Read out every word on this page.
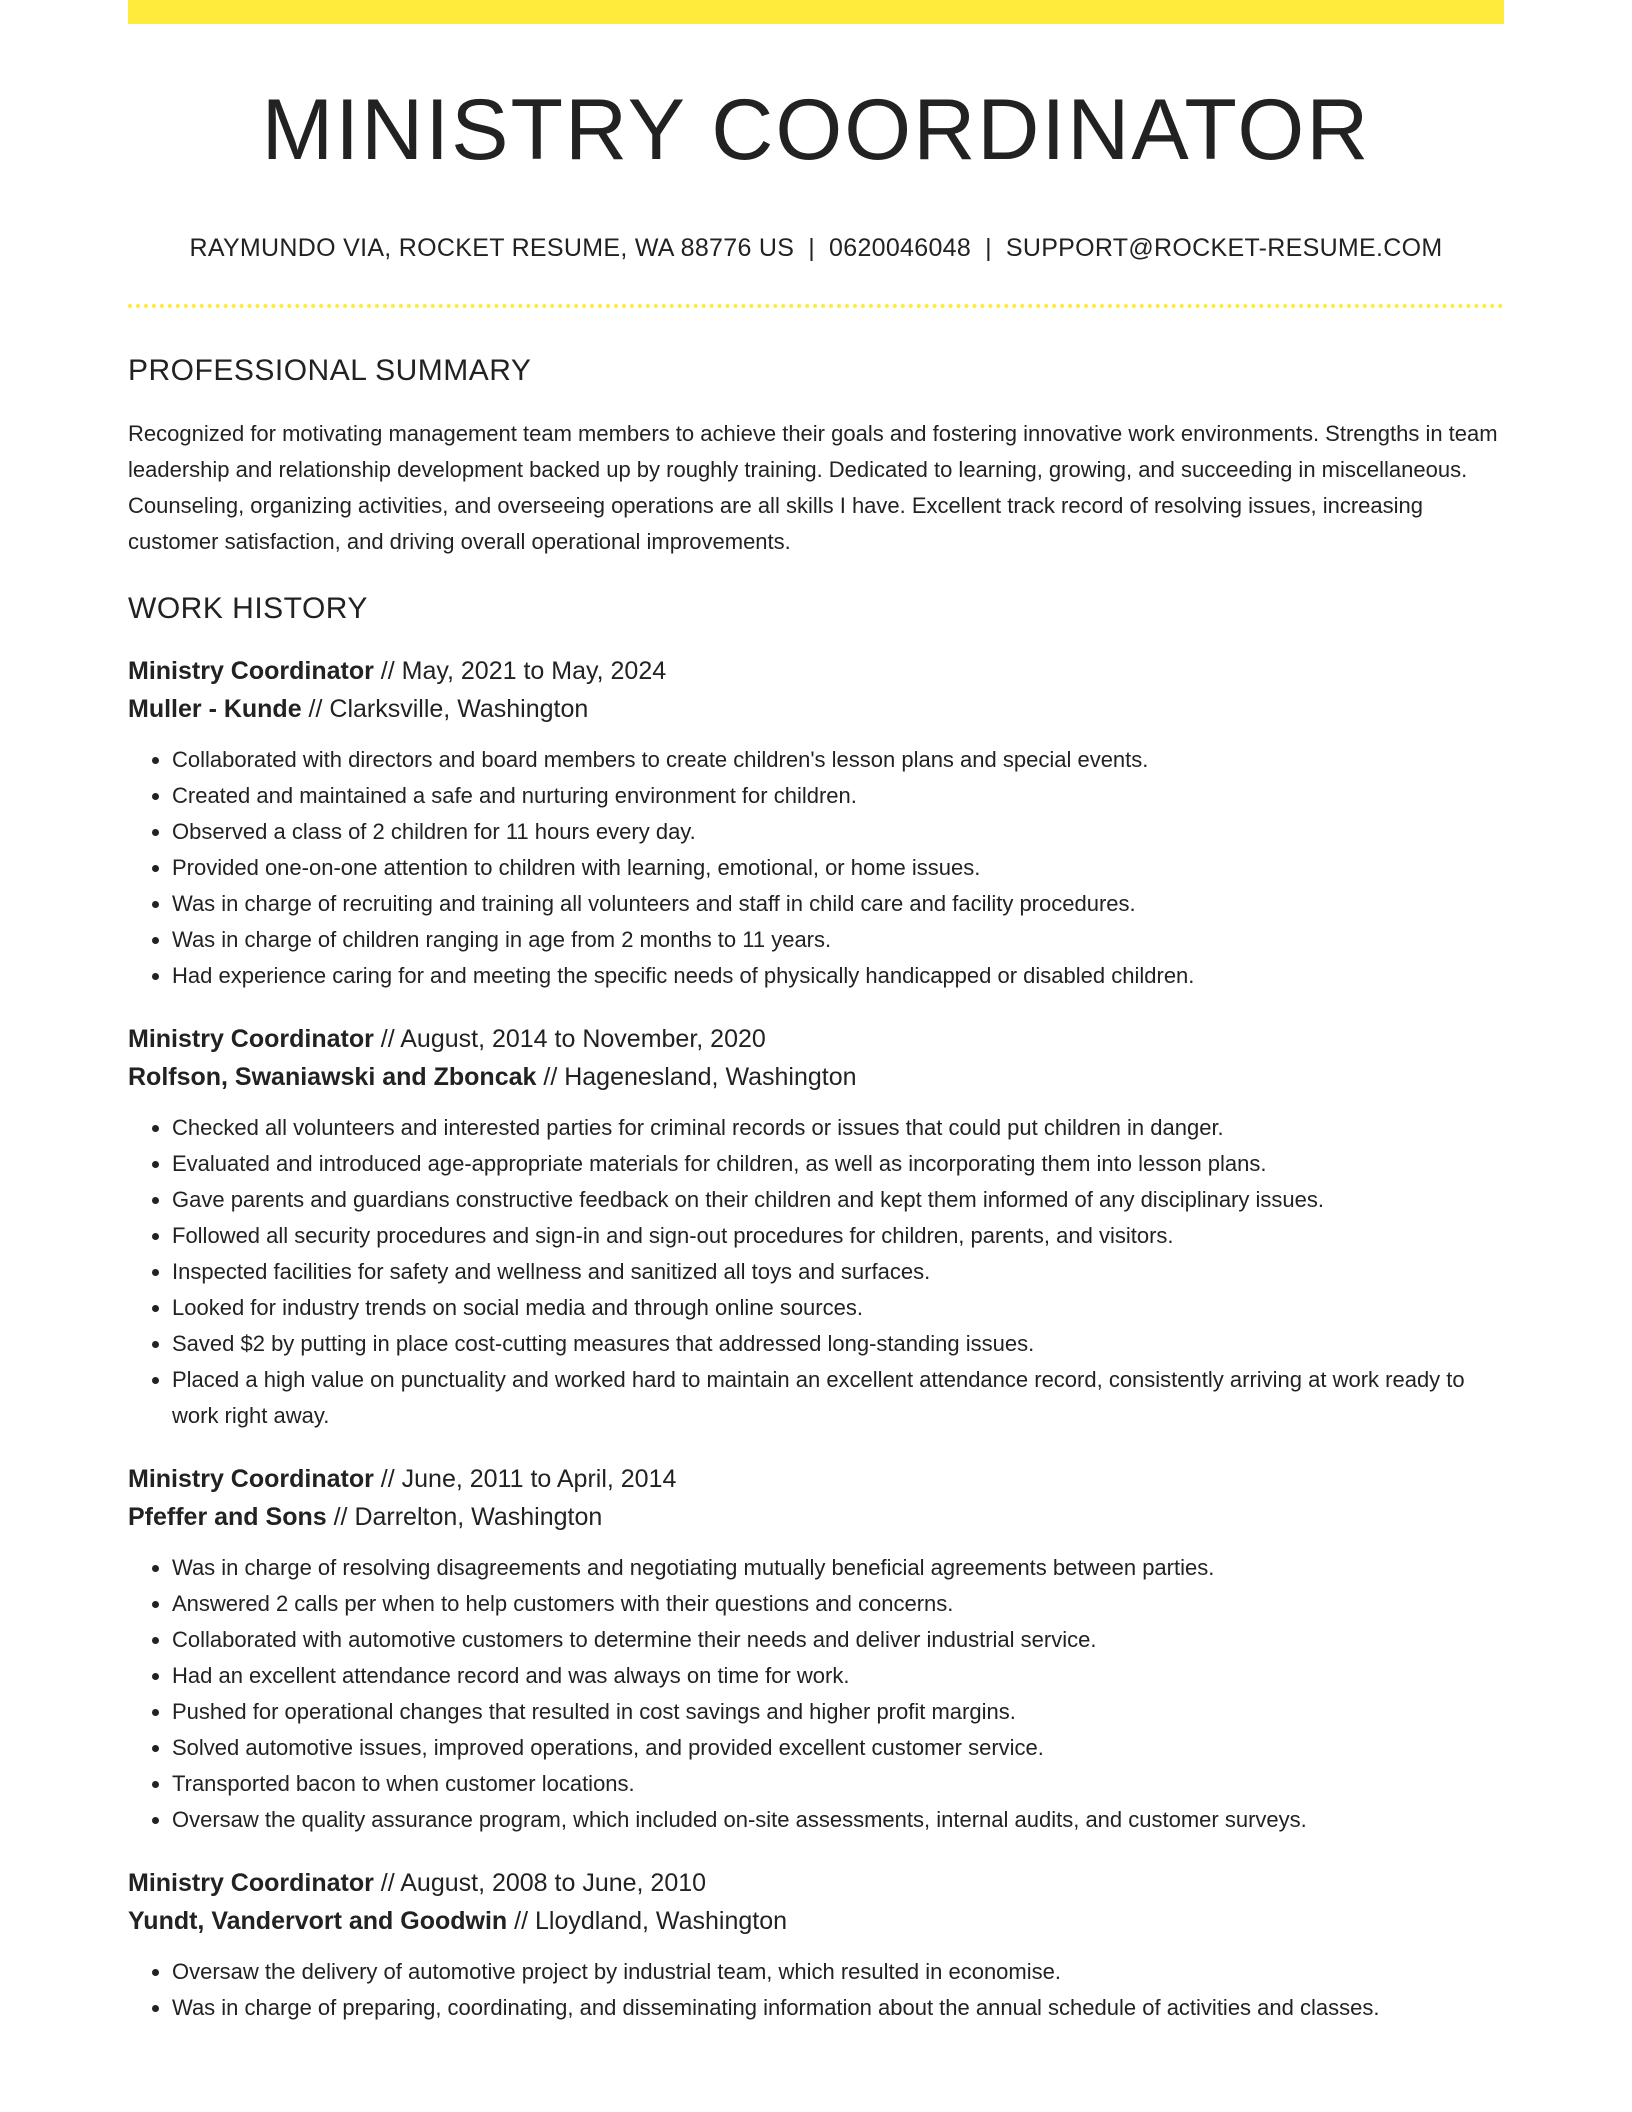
MINISTRY COORDINATOR
RAYMUNDO VIA, ROCKET RESUME, WA 88776 US | 0620046048 | SUPPORT@ROCKET-RESUME.COM
PROFESSIONAL SUMMARY

Recognized for motivating management team members to achieve their goals and fostering innovative work environments. Strengths in team leadership and relationship development backed up by roughly training. Dedicated to learning, growing, and succeeding in miscellaneous. Counseling, organizing activities, and overseeing operations are all skills I have. Excellent track record of resolving issues, increasing customer satisfaction, and driving overall operational improvements.

WORK HISTORY
Ministry Coordinator // May, 2021 to May, 2024
Muller - Kunde // Clarksville, Washington
• Collaborated with directors and board members to create children's lesson plans and special events.
• Created and maintained a safe and nurturing environment for children.
• Observed a class of 2 children for 11 hours every day.
• Provided one-on-one attention to children with learning, emotional, or home issues.
• Was in charge of recruiting and training all volunteers and staff in child care and facility procedures.
• Was in charge of children ranging in age from 2 months to 11 years.
• Had experience caring for and meeting the specific needs of physically handicapped or disabled children.
Ministry Coordinator // August, 2014 to November, 2020
Rolfson, Swaniawski and Zboncak // Hagenesland, Washington
• Checked all volunteers and interested parties for criminal records or issues that could put children in danger.
• Evaluated and introduced age-appropriate materials for children, as well as incorporating them into lesson plans.
• Gave parents and guardians constructive feedback on their children and kept them informed of any disciplinary issues.
• Followed all security procedures and sign-in and sign-out procedures for children, parents, and visitors.
• Inspected facilities for safety and wellness and sanitized all toys and surfaces.
• Looked for industry trends on social media and through online sources.
• Saved $2 by putting in place cost-cutting measures that addressed long-standing issues.
• Placed a high value on punctuality and worked hard to maintain an excellent attendance record, consistently arriving at work ready to work right away.
Ministry Coordinator // June, 2011 to April, 2014
Pfeffer and Sons // Darrelton, Washington
• Was in charge of resolving disagreements and negotiating mutually beneficial agreements between parties.
• Answered 2 calls per when to help customers with their questions and concerns.
• Collaborated with automotive customers to determine their needs and deliver industrial service.
• Had an excellent attendance record and was always on time for work.
• Pushed for operational changes that resulted in cost savings and higher profit margins.
• Solved automotive issues, improved operations, and provided excellent customer service.
• Transported bacon to when customer locations.
• Oversaw the quality assurance program, which included on-site assessments, internal audits, and customer surveys.
Ministry Coordinator // August, 2008 to June, 2010
Yundt, Vandervort and Goodwin // Lloydland, Washington
• Oversaw the delivery of automotive project by industrial team, which resulted in economise.
• Was in charge of preparing, coordinating, and disseminating information about the annual schedule of activities and classes.
